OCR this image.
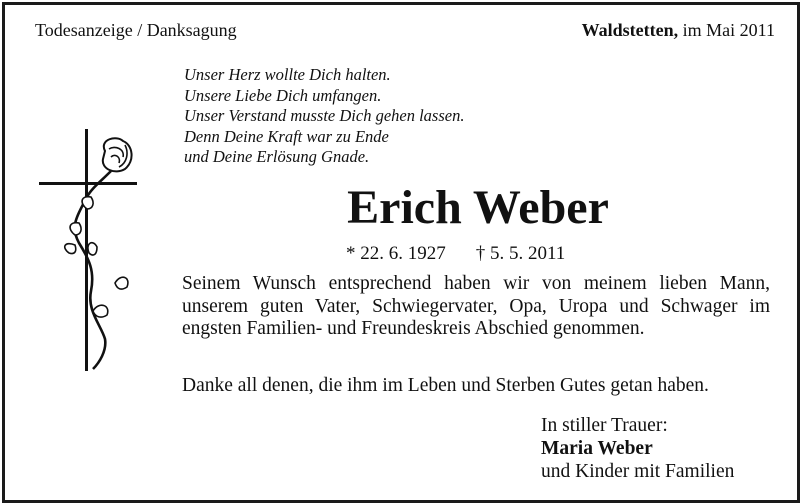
Todesanzeige / Danksagung	Waldstetten, im Mai 2011
Unser Herz wollte Dich halten.
Unsere Liebe Dich umfangen.
Unser Verstand musste Dich gehen lassen.
Denn Deine Kraft war zu Ende
und Deine Erlösung Gnade.
Erich Weber
* 22. 6. 1927 † 5. 5. 2011

Seinem Wunsch entsprechend haben wir von meinem lieben Mann, unserem guten Vater, Schwiegervater, Opa, Uropa und Schwager im engsten Familien- und Freundeskreis Abschied genommen.

Danke all denen, die ihm im Leben und Sterben Gutes getan haben.
In stiller Trauer:
Maria Weber
und Kinder mit Familien
